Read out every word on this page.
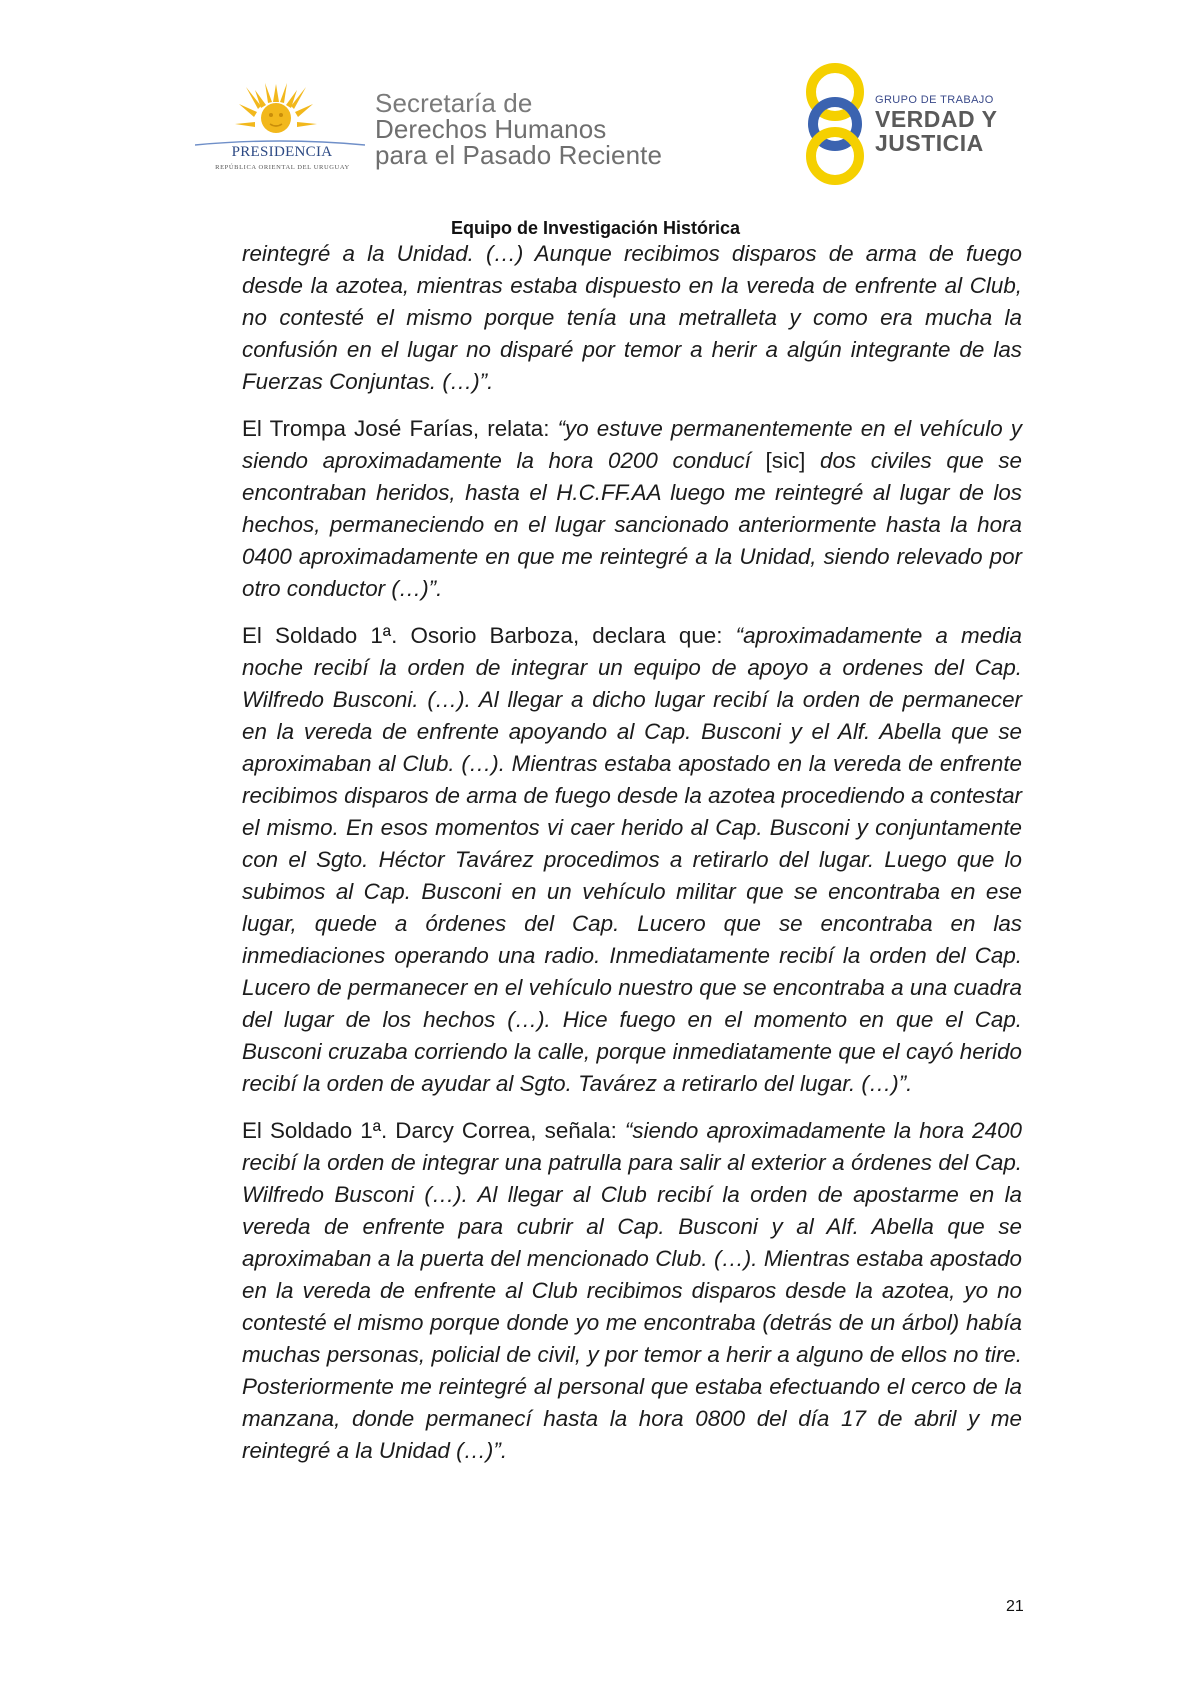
PRESIDENCIA
REPÚBLICA ORIENTAL DEL URUGUAY
Secretaría de
Derechos Humanos
para el Pasado Reciente
GRUPO DE TRABAJO
VERDAD Y
JUSTICIA
Equipo de Investigación Histórica

reintegré a la Unidad. (…) Aunque recibimos disparos de arma de fuego desde la azotea, mientras estaba dispuesto en la vereda de enfrente al Club, no contesté el mismo porque tenía una metralleta y como era mucha la confusión en el lugar no disparé por temor a herir a algún integrante de las Fuerzas Conjuntas. (…)”.

El Trompa José Farías, relata: “yo estuve permanentemente en el vehículo y siendo aproximadamente la hora 0200 conducí [sic] dos civiles que se encontraban heridos, hasta el H.C.FF.AA luego me reintegré al lugar de los hechos, permaneciendo en el lugar sancionado anteriormente hasta la hora 0400 aproximadamente en que me reintegré a la Unidad, siendo relevado por otro conductor (…)”.

El Soldado 1ª. Osorio Barboza, declara que: “aproximadamente a media noche recibí la orden de integrar un equipo de apoyo a ordenes del Cap. Wilfredo Busconi. (…). Al llegar a dicho lugar recibí la orden de permanecer en la vereda de enfrente apoyando al Cap. Busconi y el Alf. Abella que se aproximaban al Club. (…). Mientras estaba apostado en la vereda de enfrente recibimos disparos de arma de fuego desde la azotea procediendo a contestar el mismo. En esos momentos vi caer herido al Cap. Busconi y conjuntamente con el Sgto. Héctor Tavárez procedimos a retirarlo del lugar. Luego que lo subimos al Cap. Busconi en un vehículo militar que se encontraba en ese lugar, quede a órdenes del Cap. Lucero que se encontraba en las inmediaciones operando una radio. Inmediatamente recibí la orden del Cap. Lucero de permanecer en el vehículo nuestro que se encontraba a una cuadra del lugar de los hechos (…). Hice fuego en el momento en que el Cap. Busconi cruzaba corriendo la calle, porque inmediatamente que el cayó herido recibí la orden de ayudar al Sgto. Tavárez a retirarlo del lugar. (…)”.

El Soldado 1ª. Darcy Correa, señala: “siendo aproximadamente la hora 2400 recibí la orden de integrar una patrulla para salir al exterior a órdenes del Cap. Wilfredo Busconi (…). Al llegar al Club recibí la orden de apostarme en la vereda de enfrente para cubrir al Cap. Busconi y al Alf. Abella que se aproximaban a la puerta del mencionado Club. (…). Mientras estaba apostado en la vereda de enfrente al Club recibimos disparos desde la azotea, yo no contesté el mismo porque donde yo me encontraba (detrás de un árbol) había muchas personas, policial de civil, y por temor a herir a alguno de ellos no tire. Posteriormente me reintegré al personal que estaba efectuando el cerco de la manzana, donde permanecí hasta la hora 0800 del día 17 de abril y me reintegré a la Unidad (…)”.

21
